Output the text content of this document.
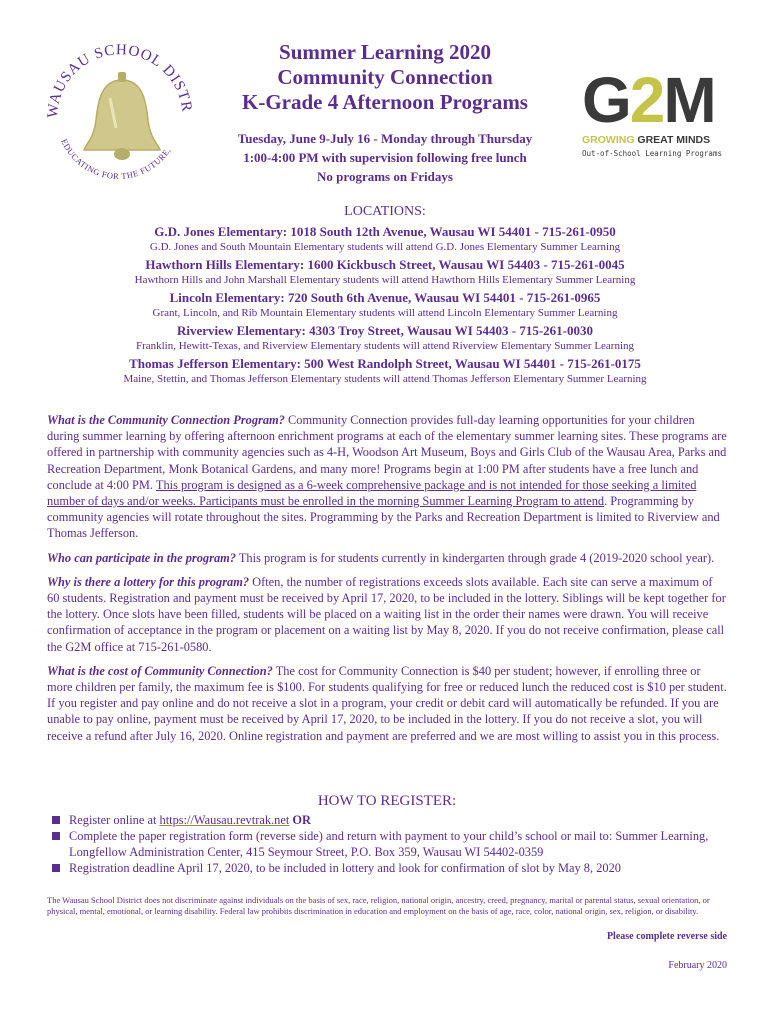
WAUSAU SCHOOL DISTR
EDUCATING FOR THE FUTURE,
Summer Learning 2020
Community Connection
K-Grade 4 Afternoon Programs
Tuesday, June 9-July 16 - Monday through Thursday
1:00-4:00 PM with supervision following free lunch
No programs on Fridays
G2M
GROWING GREAT MINDS
Out-of-School Learning Programs
LOCATIONS:
G.D. Jones Elementary: 1018 South 12th Avenue, Wausau WI 54401 - 715-261-0950
G.D. Jones and South Mountain Elementary students will attend G.D. Jones Elementary Summer Learning
Hawthorn Hills Elementary: 1600 Kickbusch Street, Wausau WI 54403 - 715-261-0045
Hawthorn Hills and John Marshall Elementary students will attend Hawthorn Hills Elementary Summer Learning
Lincoln Elementary: 720 South 6th Avenue, Wausau WI 54401 - 715-261-0965
Grant, Lincoln, and Rib Mountain Elementary students will attend Lincoln Elementary Summer Learning
Riverview Elementary: 4303 Troy Street, Wausau WI 54403 - 715-261-0030
Franklin, Hewitt-Texas, and Riverview Elementary students will attend Riverview Elementary Summer Learning
Thomas Jefferson Elementary: 500 West Randolph Street, Wausau WI 54401 - 715-261-0175
Maine, Stettin, and Thomas Jefferson Elementary students will attend Thomas Jefferson Elementary Summer Learning

What is the Community Connection Program? Community Connection provides full-day learning opportunities for your children during summer learning by offering afternoon enrichment programs at each of the elementary summer learning sites. These programs are offered in partnership with community agencies such as 4-H, Woodson Art Museum, Boys and Girls Club of the Wausau Area, Parks and Recreation Department, Monk Botanical Gardens, and many more! Programs begin at 1:00 PM after students have a free lunch and conclude at 4:00 PM. This program is designed as a 6-week comprehensive package and is not intended for those seeking a limited number of days and/or weeks. Participants must be enrolled in the morning Summer Learning Program to attend. Programming by community agencies will rotate throughout the sites. Programming by the Parks and Recreation Department is limited to Riverview and Thomas Jefferson.

Who can participate in the program? This program is for students currently in kindergarten through grade 4 (2019-2020 school year).

Why is there a lottery for this program? Often, the number of registrations exceeds slots available. Each site can serve a maximum of 60 students. Registration and payment must be received by April 17, 2020, to be included in the lottery. Siblings will be kept together for the lottery. Once slots have been filled, students will be placed on a waiting list in the order their names were drawn. You will receive confirmation of acceptance in the program or placement on a waiting list by May 8, 2020. If you do not receive confirmation, please call the G2M office at 715-261-0580.

What is the cost of Community Connection? The cost for Community Connection is $40 per student; however, if enrolling three or more children per family, the maximum fee is $100. For students qualifying for free or reduced lunch the reduced cost is $10 per student. If you register and pay online and do not receive a slot in a program, your credit or debit card will automatically be refunded. If you are unable to pay online, payment must be received by April 17, 2020, to be included in the lottery. If you do not receive a slot, you will receive a refund after July 16, 2020. Online registration and payment are preferred and we are most willing to assist you in this process.

HOW TO REGISTER:
Register online at https://Wausau.revtrak.net OR
Complete the paper registration form (reverse side) and return with payment to your child’s school or mail to: Summer Learning, Longfellow Administration Center, 415 Seymour Street, P.O. Box 359, Wausau WI 54402-0359
Registration deadline April 17, 2020, to be included in lottery and look for confirmation of slot by May 8, 2020
The Wausau School District does not discriminate against individuals on the basis of sex, race, religion, national origin, ancestry, creed, pregnancy, marital or parental status, sexual orientation, or physical, mental, emotional, or learning disability. Federal law prohibits discrimination in education and employment on the basis of age, race, color, national origin, sex, religion, or disability.
Please complete reverse side
February 2020
